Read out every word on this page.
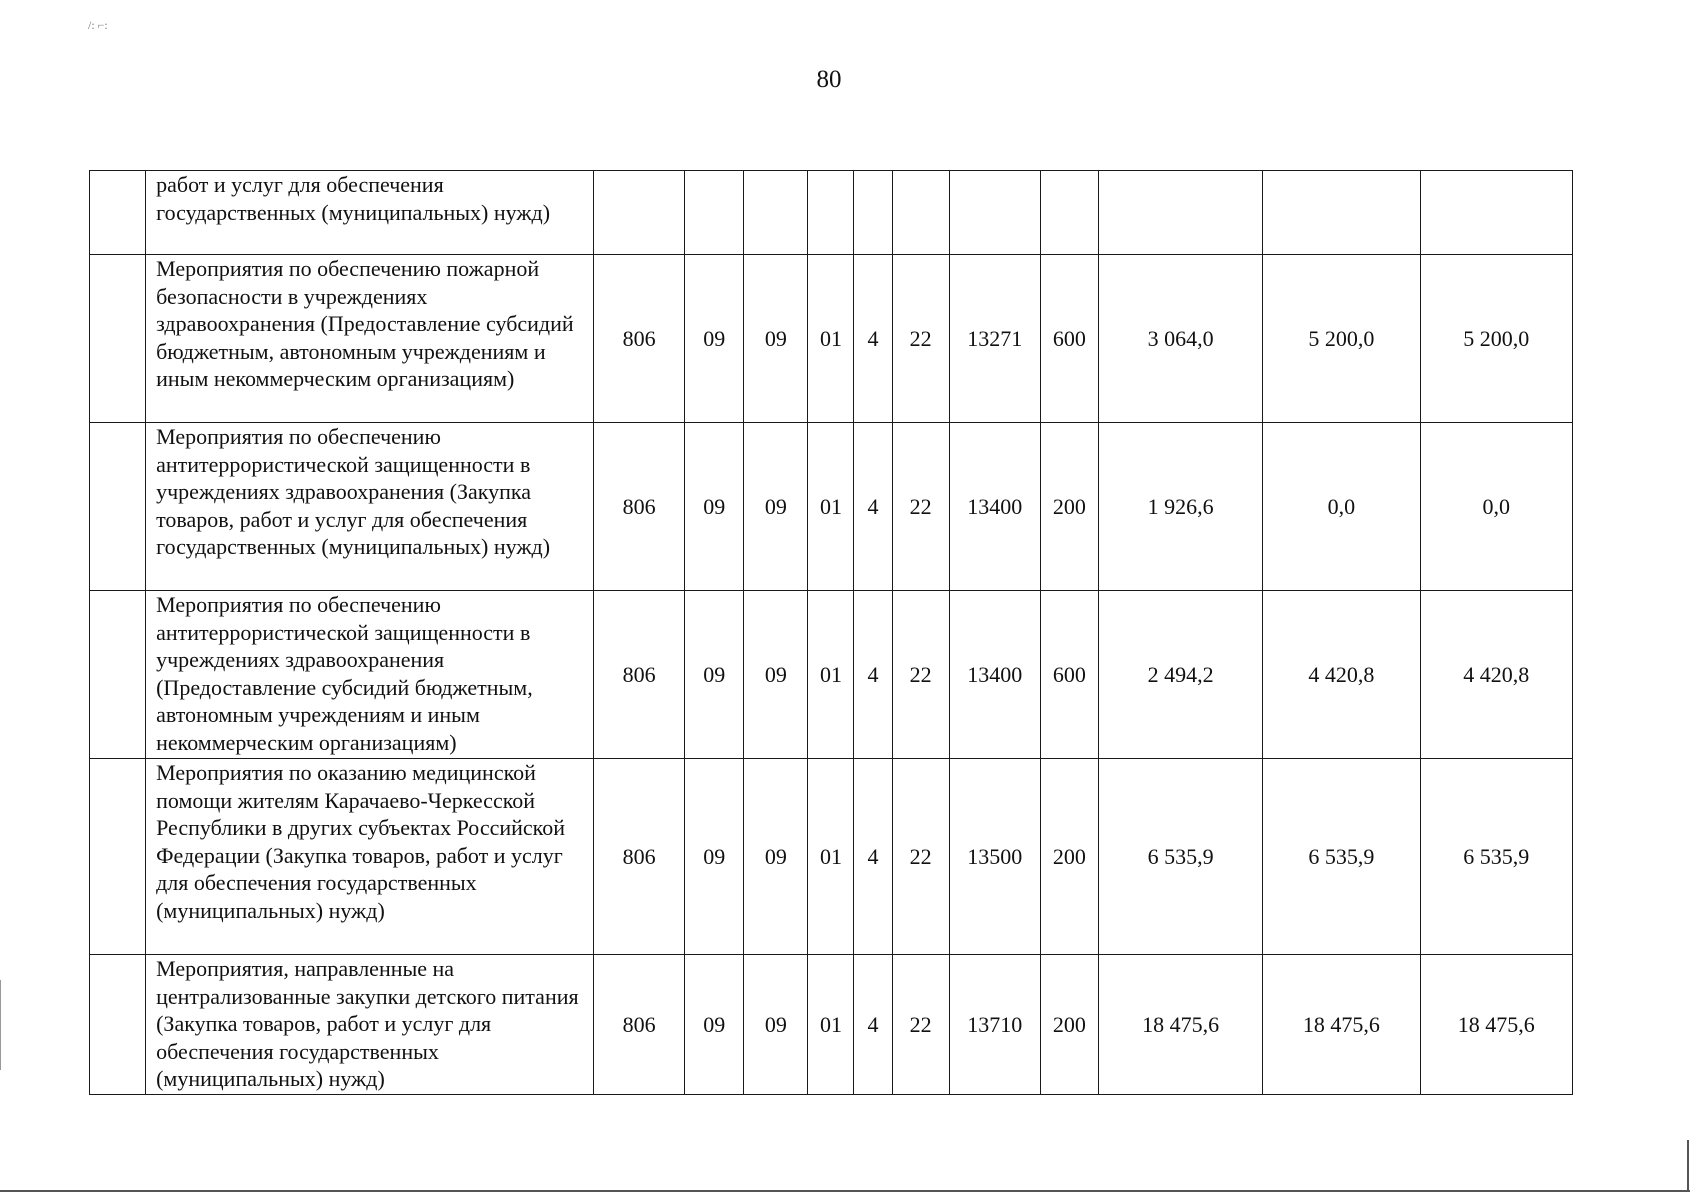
/: ⌐:
80
	работ и услуг для обеспечения государственных (муниципальных) нужд)											
	Мероприятия по обеспечению пожарной безопасности в учреждениях здравоохранения (Предоставление субсидий бюджетным, автономным учреждениям и иным некоммерческим организациям)	806	09	09	01	4	22	13271	600	3 064,0	5 200,0	5 200,0
	Мероприятия по обеспечению антитеррористической защищенности в учреждениях здравоохранения (Закупка товаров, работ и услуг для обеспечения государственных (муниципальных) нужд)	806	09	09	01	4	22	13400	200	1 926,6	0,0	0,0
	Мероприятия по обеспечению антитеррористической защищенности в учреждениях здравоохранения (Предоставление субсидий бюджетным, автономным учреждениям и иным некоммерческим организациям)	806	09	09	01	4	22	13400	600	2 494,2	4 420,8	4 420,8
	Мероприятия по оказанию медицинской помощи жителям Карачаево-Черкесской Республики в других субъектах Российской Федерации (Закупка товаров, работ и услуг для обеспечения государственных (муниципальных) нужд)	806	09	09	01	4	22	13500	200	6 535,9	6 535,9	6 535,9
	Мероприятия, направленные на централизованные закупки детского питания (Закупка товаров, работ и услуг для обеспечения государственных (муниципальных) нужд)	806	09	09	01	4	22	13710	200	18 475,6	18 475,6	18 475,6
